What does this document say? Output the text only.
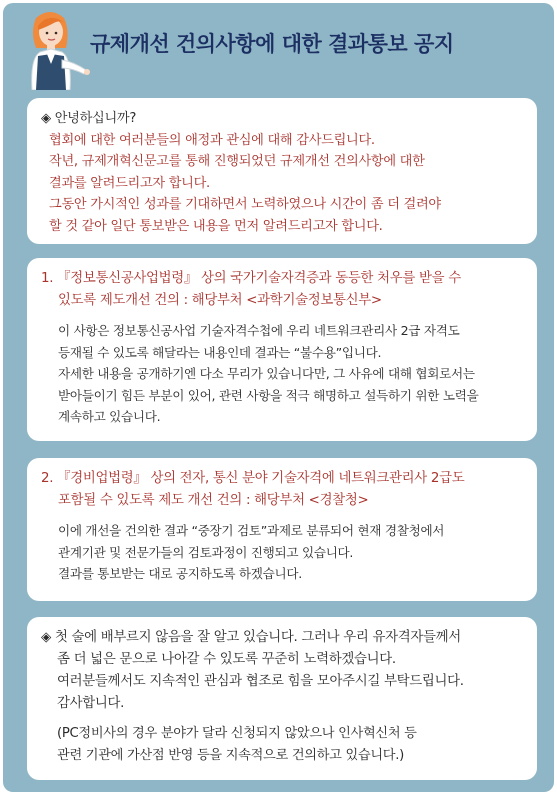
규제개선 건의사항에 대한 결과통보 공지
◈ 안녕하십니까?
협회에 대한 여러분들의 애정과 관심에 대해 감사드립니다.
작년, 규제개혁신문고를 통해 진행되었던 규제개선 건의사항에 대한
결과를 알려드리고자 합니다.
그동안 가시적인 성과를 기대하면서 노력하였으나 시간이 좀 더 걸려야
할 것 같아 일단 통보받은 내용을 먼저 알려드리고자 합니다.
1. 『정보통신공사업법령』 상의 국가기술자격증과 동등한 처우를 받을 수
있도록 제도개선 건의 : 해당부처 <과학기술정보통신부>
이 사항은 정보통신공사업 기술자격수첩에 우리 네트워크관리사 2급 자격도
등재될 수 있도록 해달라는 내용인데 결과는 “불수용”입니다.
자세한 내용을 공개하기엔 다소 무리가 있습니다만, 그 사유에 대해 협회로서는
받아들이기 힘든 부분이 있어, 관련 사항을 적극 해명하고 설득하기 위한 노력을
계속하고 있습니다.
2. 『경비업법령』 상의 전자, 통신 분야 기술자격에 네트워크관리사 2급도
포함될 수 있도록 제도 개선 건의 : 해당부처 <경찰청>
이에 개선을 건의한 결과 “중장기 검토”과제로 분류되어 현재 경찰청에서
관계기관 및 전문가들의 검토과정이 진행되고 있습니다.
결과를 통보받는 대로 공지하도록 하겠습니다.
◈ 첫 술에 배부르지 않음을 잘 알고 있습니다. 그러나 우리 유자격자들께서
좀 더 넓은 문으로 나아갈 수 있도록 꾸준히 노력하겠습니다.
여러분들께서도 지속적인 관심과 협조로 힘을 모아주시길 부탁드립니다.
감사합니다.
(PC정비사의 경우 분야가 달라 신청되지 않았으나 인사혁신처 등
관련 기관에 가산점 반영 등을 지속적으로 건의하고 있습니다.)
